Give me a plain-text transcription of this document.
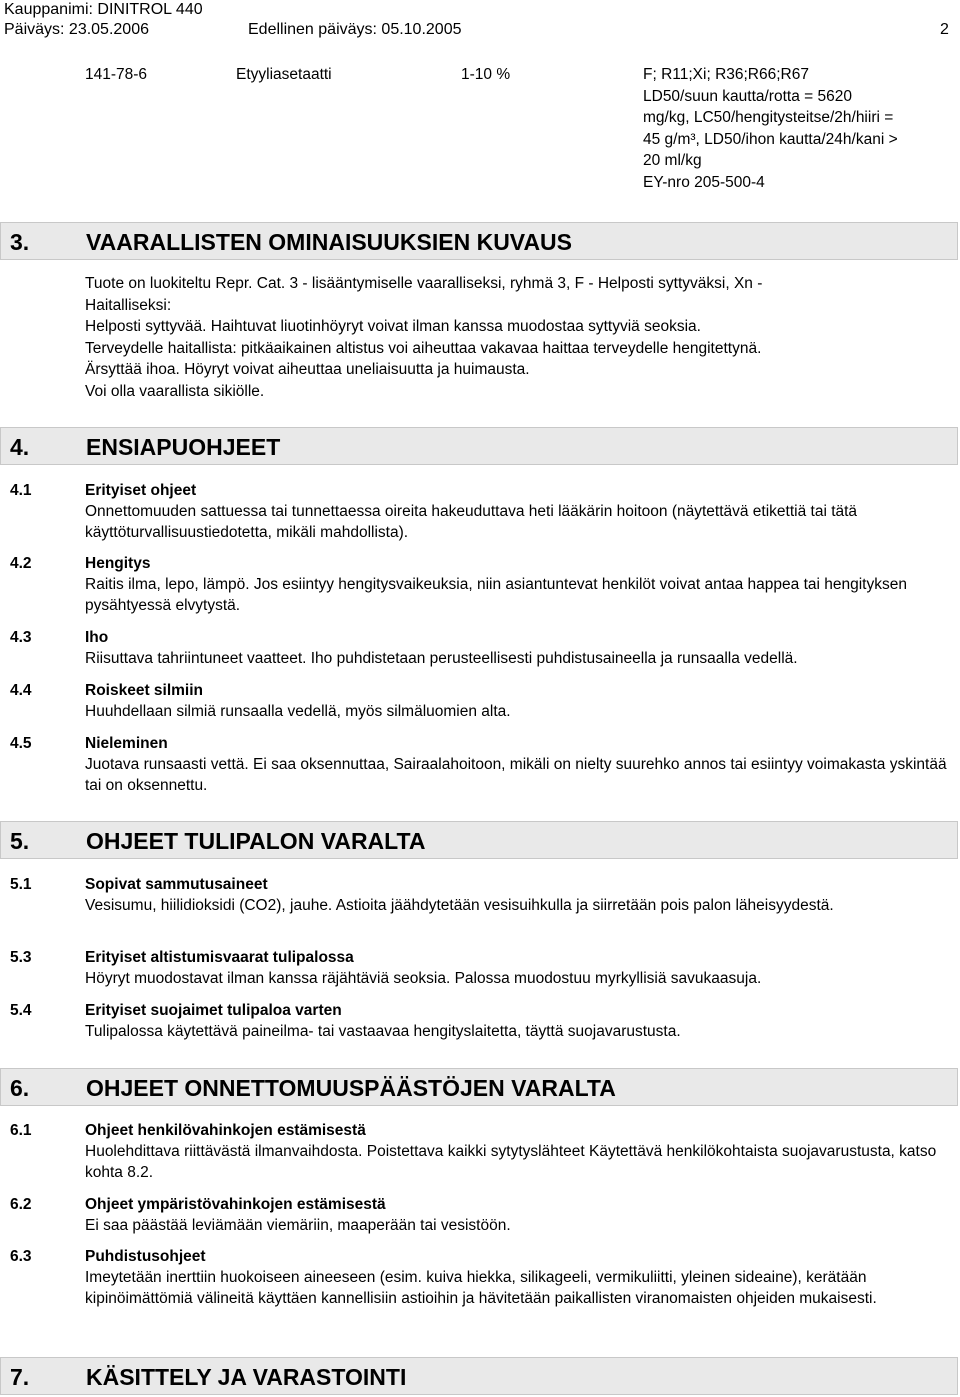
Kauppanimi: DINITROL 440
Päiväys: 23.05.2006	Edellinen päiväys: 05.10.2005	2
141-78-6	Etyyliasetaatti	1-10 %	F; R11;Xi; R36;R66;R67
LD50/suun kautta/rotta = 5620
mg/kg, LC50/hengitysteitse/2h/hiiri =
45 g/m³, LD50/ihon kautta/24h/kani >
20 ml/kg
EY-nro 205-500-4
3. VAARALLISTEN OMINAISUUKSIEN KUVAUS
Tuote on luokiteltu Repr. Cat. 3 - lisääntymiselle vaaralliseksi, ryhmä 3, F - Helposti syttyväksi, Xn -
Haitalliseksi:
Helposti syttyvää. Haihtuvat liuotinhöyryt voivat ilman kanssa muodostaa syttyviä seoksia.
Terveydelle haitallista: pitkäaikainen altistus voi aiheuttaa vakavaa haittaa terveydelle hengitettynä.
Ärsyttää ihoa. Höyryt voivat aiheuttaa uneliaisuutta ja huimausta.
Voi olla vaarallista sikiölle.
4. ENSIAPUOHJEET
4.1	Erityiset ohjeet
Onnettomuuden sattuessa tai tunnettaessa oireita hakeuduttava heti lääkärin hoitoon (näytettävä etikettiä tai tätä käyttöturvallisuustiedotetta, mikäli mahdollista).
4.2	Hengitys
Raitis ilma, lepo, lämpö. Jos esiintyy hengitysvaikeuksia, niin asiantuntevat henkilöt voivat antaa happea tai hengityksen pysähtyessä elvytystä.
4.3	Iho
Riisuttava tahriintuneet vaatteet. Iho puhdistetaan perusteellisesti puhdistusaineella ja runsaalla vedellä.
4.4	Roiskeet silmiin
Huuhdellaan silmiä runsaalla vedellä, myös silmäluomien alta.
4.5	Nieleminen
Juotava runsaasti vettä. Ei saa oksennuttaa, Sairaalahoitoon, mikäli on nielty suurehko annos tai esiintyy voimakasta yskintää tai on oksennettu.
5. OHJEET TULIPALON VARALTA
5.1	Sopivat sammutusaineet
Vesisumu, hiilidioksidi (CO2), jauhe. Astioita jäähdytetään vesisuihkulla ja siirretään pois palon läheisyydestä.
5.3	Erityiset altistumisvaarat tulipalossa
Höyryt muodostavat ilman kanssa räjähtäviä seoksia. Palossa muodostuu myrkyllisiä savukaasuja.
5.4	Erityiset suojaimet tulipaloa varten
Tulipalossa käytettävä paineilma- tai vastaavaa hengityslaitetta, täyttä suojavarustusta.
6. OHJEET ONNETTOMUUSPÄÄSTÖJEN VARALTA
6.1	Ohjeet henkilövahinkojen estämisestä
Huolehdittava riittävästä ilmanvaihdosta. Poistettava kaikki sytytyslähteet Käytettävä henkilökohtaista suojavarustusta, katso kohta 8.2.
6.2	Ohjeet ympäristövahinkojen estämisestä
Ei saa päästää leviämään viemäriin, maaperään tai vesistöön.
6.3	Puhdistusohjeet
Imeytetään inerttiin huokoiseen aineeseen (esim. kuiva hiekka, silikageeli, vermikuliitti, yleinen sideaine), kerätään kipinöimättömiä välineitä käyttäen kannellisiin astioihin ja hävitetään paikallisten viranomaisten ohjeiden mukaisesti.
7. KÄSITTELY JA VARASTOINTI
